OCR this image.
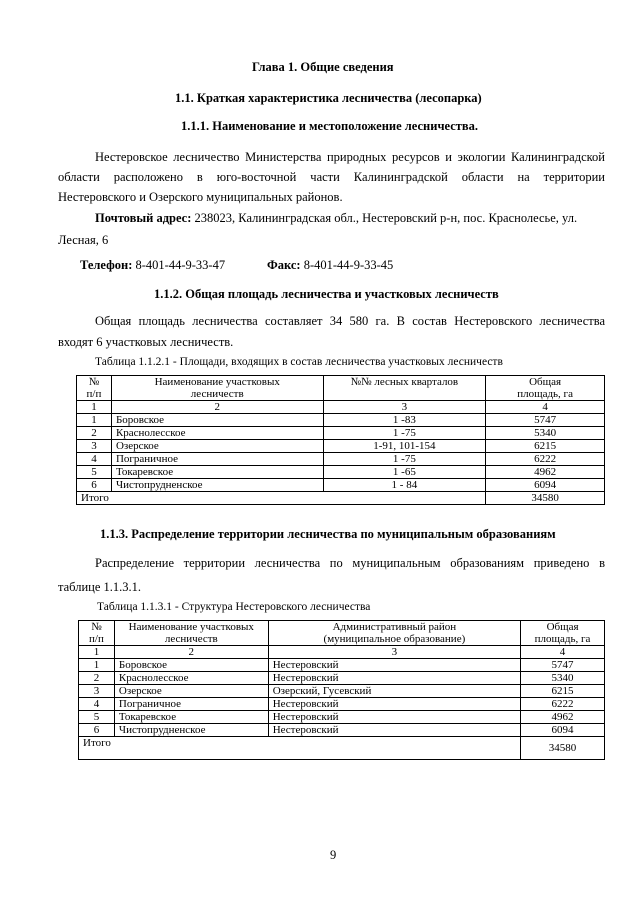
Глава 1. Общие сведения
1.1. Краткая характеристика лесничества (лесопарка)
1.1.1. Наименование и местоположение лесничества.
Нестеровское лесничество Министерства природных ресурсов и экологии Калининградской
области расположено в юго-восточной части Калининградской области на территории
Нестеровского и Озерского муниципальных районов.
Почтовый адрес: 238023, Калининградская обл., Нестеровский р-н, пос. Краснолесье, ул.
Лесная, 6
Телефон: 8-401-44-9-33-47	Факс: 8-401-44-9-33-45
1.1.2. Общая площадь лесничества и участковых лесничеств
Общая площадь лесничества составляет 34 580 га. В состав Нестеровского лесничества
входят 6 участковых лесничеств.
Таблица 1.1.2.1 - Площади, входящих в состав лесничества участковых лесничеств
№
п/п	Наименование участковых
лесничеств	№№ лесных кварталов	Общая
площадь, га
1	2	3	4
1	Боровское	1 -83	5747
2	Краснолесское	1 -75	5340
3	Озерское	1-91, 101-154	6215
4	Пограничное	1 -75	6222
5	Токаревское	1 -65	4962
6	Чистопрудненское	1 - 84	6094
Итого			34580
1.1.3. Распределение территории лесничества по муниципальным образованиям
Распределение территории лесничества по муниципальным образованиям приведено в
таблице 1.1.3.1.
Таблица 1.1.3.1 - Структура Нестеровского лесничества
№
п/п	Наименование участковых
лесничеств	Административный район
(муниципальное образование)	Общая
площадь, га
1	2	3	4
1	Боровское	Нестеровский	5747
2	Краснолесское	Нестеровский	5340
3	Озерское	Озерский, Гусевский	6215
4	Пограничное	Нестеровский	6222
5	Токаревское	Нестеровский	4962
6	Чистопрудненское	Нестеровский	6094
Итого			34580
9
